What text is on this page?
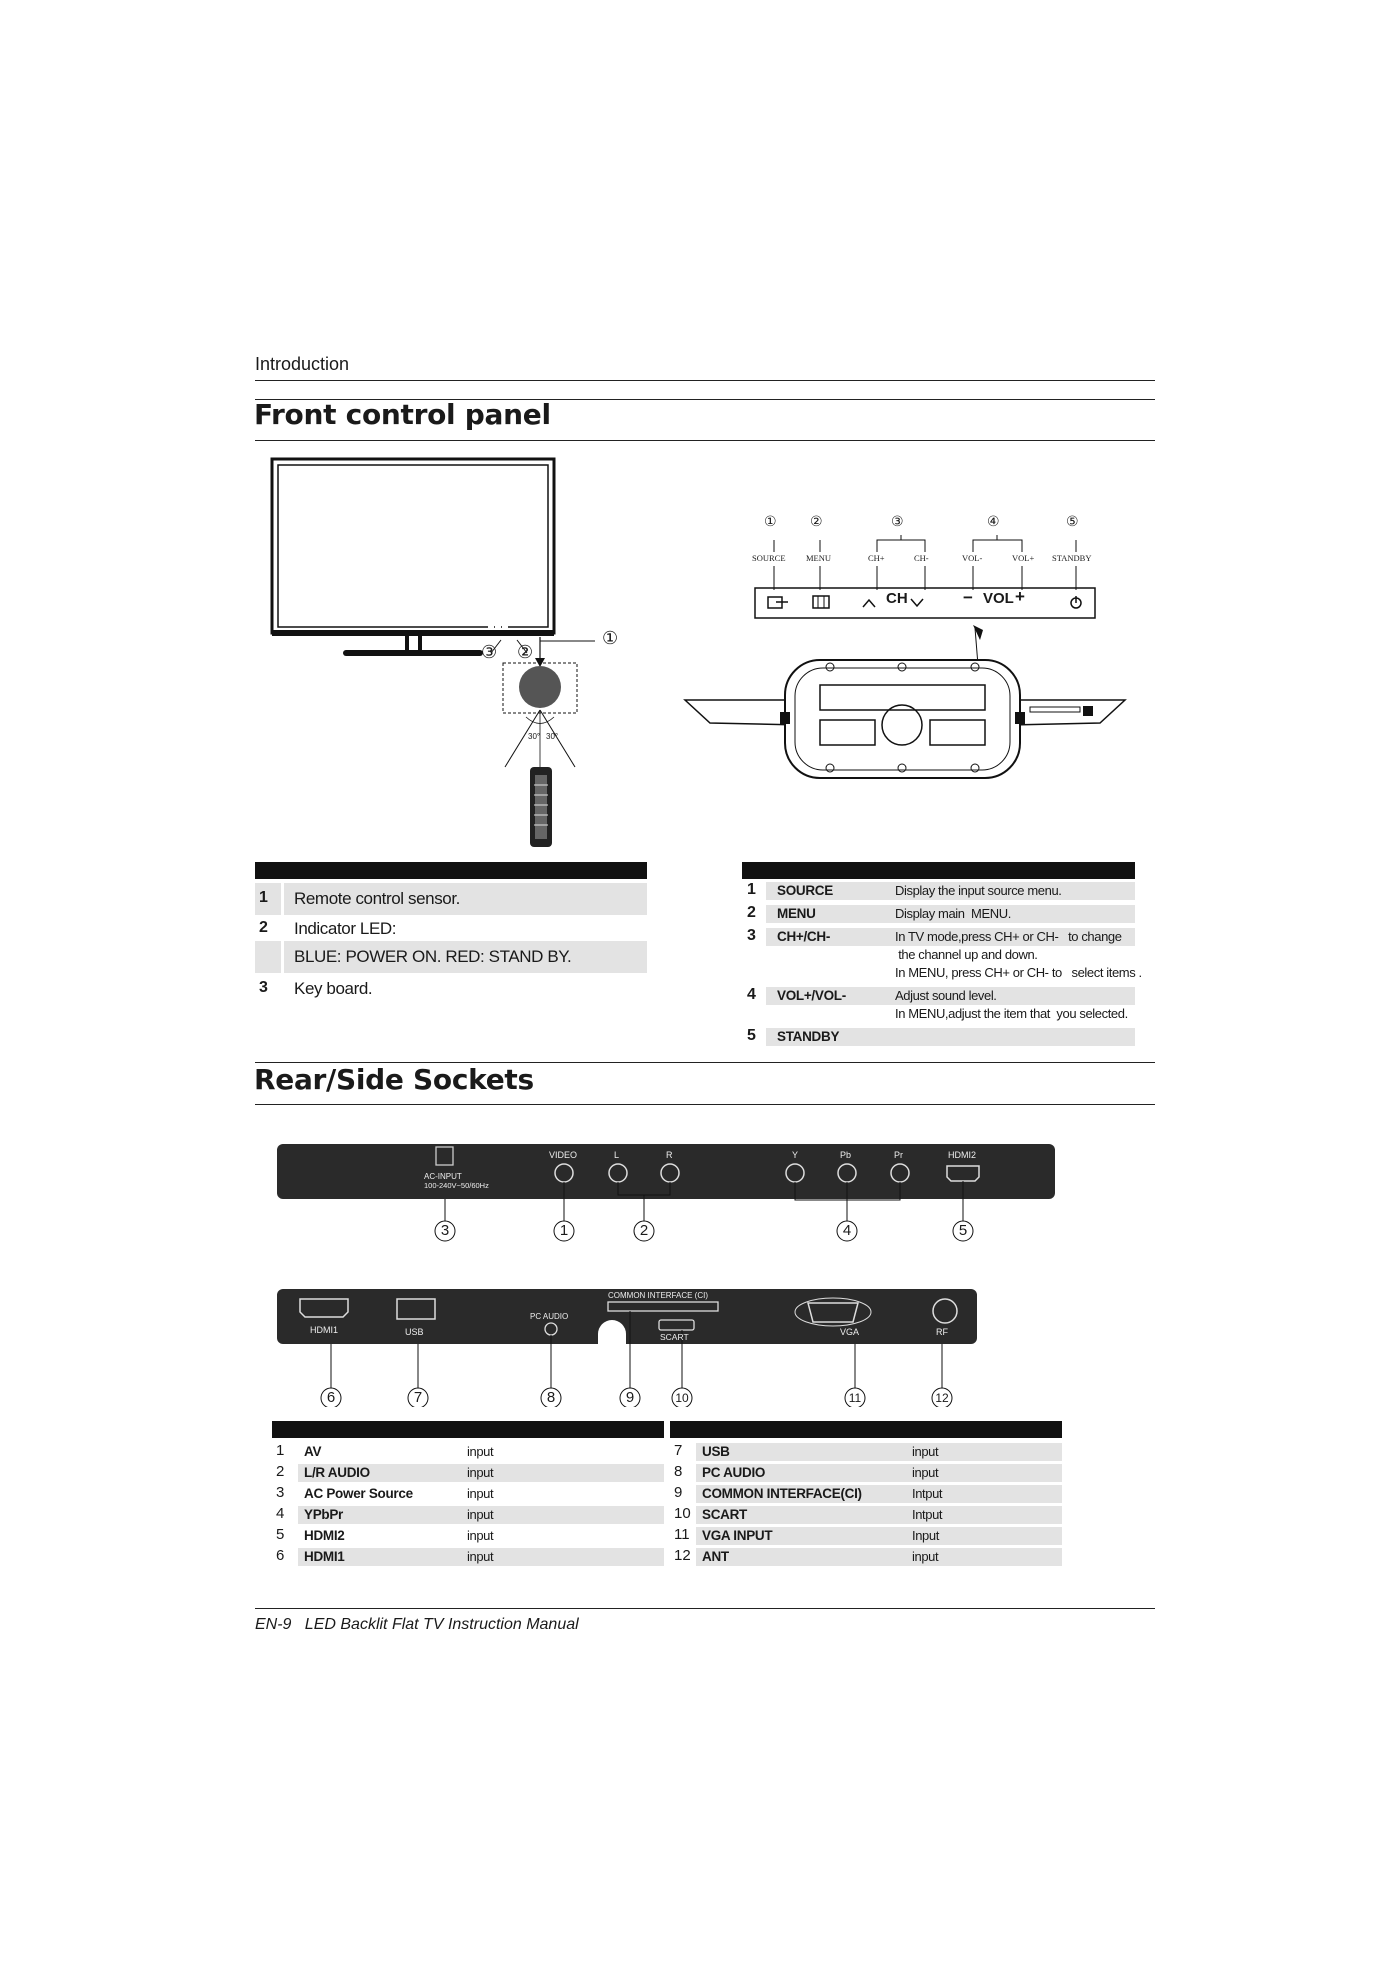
Introduction
Front control panel
①
②
③
30° 30°
① ②	③	④	⑤
SOURCE MENU	CH+	CH-	VOL-	VOL+ STANDBY
CH	− VOL +
1 Remote control sensor.
2 Indicator LED:
BLUE: POWER ON. RED: STAND BY.
3 Key board.
1 SOURCE	Display the input source menu.
2 MENU	Display main  MENU.
3 CH+/CH-	In TV mode,press CH+ or CH-   to change
the channel up and down.
In MENU, press CH+ or CH- to   select items .
4 VOL+/VOL-	Adjust sound level.
In MENU,adjust the item that  you selected.
5 STANDBY
Rear/Side Sockets
AC-INPUT
100-240V~50/60Hz
VIDEO	L	R	Y	Pb	Pr	HDMI2
3	1	2	4	5
HDMI1	USB
PC AUDIO
COMMON INTERFACE (CI)
SCART	VGA	RF
6	7	8	9	10	11	12
1 AV	input
2 L/R AUDIO	input
3 AC Power Source	input
4 YPbPr	input
5 HDMI2	input
6 HDMI1	input
7 USB	input
8 PC AUDIO	input
9 COMMON INTERFACE(CI)	Intput
10 SCART	Intput
11 VGA INPUT	Input
12 ANT	input
EN-9 LED Backlit Flat TV Instruction Manual
